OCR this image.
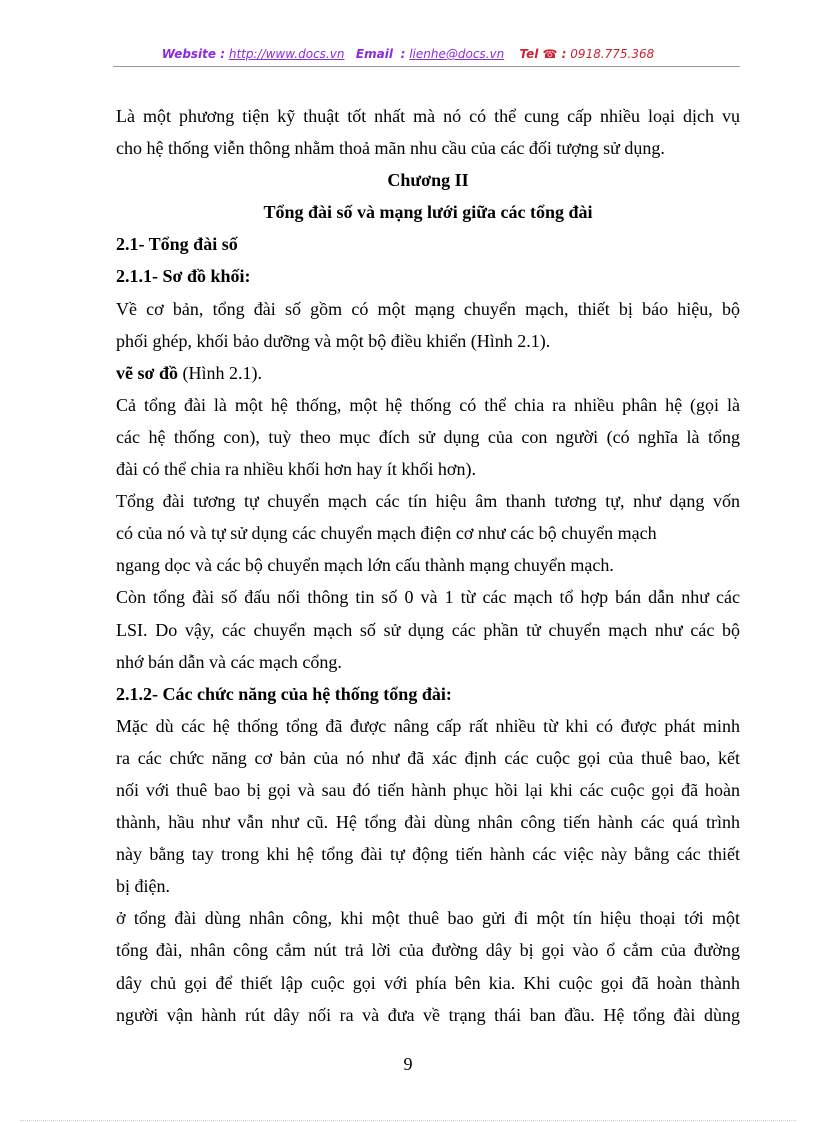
Website : http://www.docs.vn Email : lienhe@docs.vn Tel ☎ : 0918.775.368

Là một phương tiện kỹ thuật tốt nhất mà nó có thể cung cấp nhiều loại dịch vụ

cho hệ thống viễn thông nhằm thoả mãn nhu cầu của các đối tượng sử dụng.

Chương II

Tổng đài số và mạng lưới giữa các tổng đài

2.1- Tổng đài số

2.1.1- Sơ đồ khối:

Về cơ bản, tổng đài số gồm có một mạng chuyển mạch, thiết bị báo hiệu, bộ

phối ghép, khối bảo dưỡng và một bộ điều khiển (Hình 2.1).

vẽ sơ đồ (Hình 2.1).

Cả tổng đài là một hệ thống, một hệ thống có thể chia ra nhiều phân hệ (gọi là

các hệ thống con), tuỳ theo mục đích sử dụng của con người (có nghĩa là tổng

đài có thể chia ra nhiều khối hơn hay ít khối hơn).

Tổng đài tương tự chuyển mạch các tín hiệu âm thanh tương tự, như dạng vốn

có của nó và tự sử dụng các chuyển mạch điện cơ như các bộ chuyển mạch

ngang dọc và các bộ chuyển mạch lớn cấu thành mạng chuyển mạch.

Còn tổng đài số đấu nối thông tin số 0 và 1 từ các mạch tổ hợp bán dẫn như các

LSI. Do vậy, các chuyển mạch số sử dụng các phần tử chuyển mạch như các bộ

nhớ bán dẫn và các mạch cổng.

2.1.2- Các chức năng của hệ thống tổng đài:

Mặc dù các hệ thống tổng đã được nâng cấp rất nhiều từ khi có được phát minh

ra các chức năng cơ bản của nó như đã xác định các cuộc gọi của thuê bao, kết

nối với thuê bao bị gọi và sau đó tiến hành phục hồi lại khi các cuộc gọi đã hoàn

thành, hầu như vẫn như cũ. Hệ tổng đài dùng nhân công tiến hành các quá trình

này bằng tay trong khi hệ tổng đài tự động tiến hành các việc này bằng các thiết

bị điện.

ở tổng đài dùng nhân công, khi một thuê bao gửi đi một tín hiệu thoại tới một

tổng đài, nhân công cắm nút trả lời của đường dây bị gọi vào ổ cắm của đường

dây chủ gọi để thiết lập cuộc gọi với phía bên kia. Khi cuộc gọi đã hoàn thành

người vận hành rút dây nối ra và đưa về trạng thái ban đầu. Hệ tổng đài dùng

9
